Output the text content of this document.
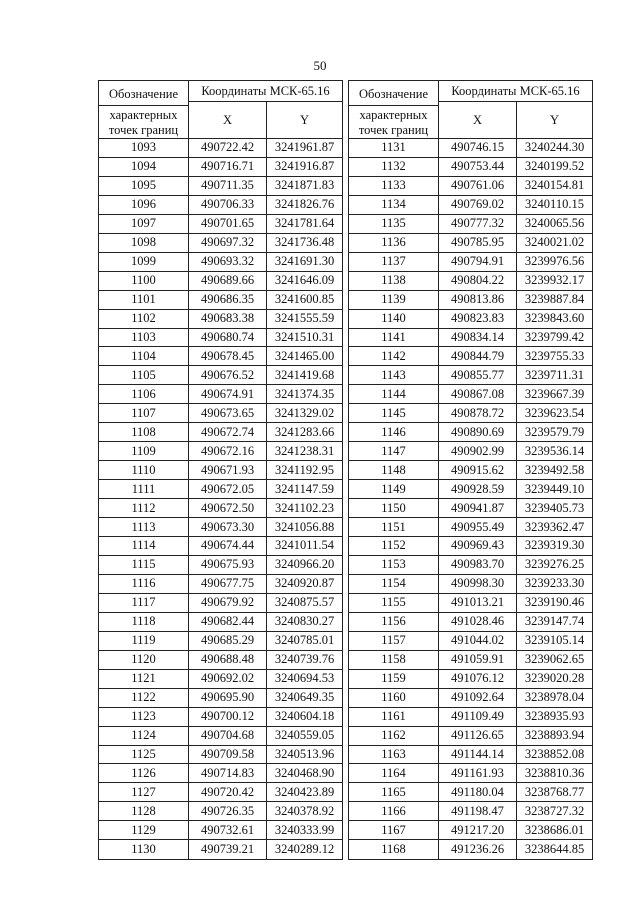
50
Обозначение
характерных
точек границ	Координаты МСК-65.16	
	X	Y
1093	490722.42	3241961.87
1094	490716.71	3241916.87
1095	490711.35	3241871.83
1096	490706.33	3241826.76
1097	490701.65	3241781.64
1098	490697.32	3241736.48
1099	490693.32	3241691.30
1100	490689.66	3241646.09
1101	490686.35	3241600.85
1102	490683.38	3241555.59
1103	490680.74	3241510.31
1104	490678.45	3241465.00
1105	490676.52	3241419.68
1106	490674.91	3241374.35
1107	490673.65	3241329.02
1108	490672.74	3241283.66
1109	490672.16	3241238.31
1110	490671.93	3241192.95
1111	490672.05	3241147.59
1112	490672.50	3241102.23
1113	490673.30	3241056.88
1114	490674.44	3241011.54
1115	490675.93	3240966.20
1116	490677.75	3240920.87
1117	490679.92	3240875.57
1118	490682.44	3240830.27
1119	490685.29	3240785.01
1120	490688.48	3240739.76
1121	490692.02	3240694.53
1122	490695.90	3240649.35
1123	490700.12	3240604.18
1124	490704.68	3240559.05
1125	490709.58	3240513.96
1126	490714.83	3240468.90
1127	490720.42	3240423.89
1128	490726.35	3240378.92
1129	490732.61	3240333.99
1130	490739.21	3240289.12
Обозначение
характерных
точек границ	Координаты МСК-65.16	
	X	Y
1131	490746.15	3240244.30
1132	490753.44	3240199.52
1133	490761.06	3240154.81
1134	490769.02	3240110.15
1135	490777.32	3240065.56
1136	490785.95	3240021.02
1137	490794.91	3239976.56
1138	490804.22	3239932.17
1139	490813.86	3239887.84
1140	490823.83	3239843.60
1141	490834.14	3239799.42
1142	490844.79	3239755.33
1143	490855.77	3239711.31
1144	490867.08	3239667.39
1145	490878.72	3239623.54
1146	490890.69	3239579.79
1147	490902.99	3239536.14
1148	490915.62	3239492.58
1149	490928.59	3239449.10
1150	490941.87	3239405.73
1151	490955.49	3239362.47
1152	490969.43	3239319.30
1153	490983.70	3239276.25
1154	490998.30	3239233.30
1155	491013.21	3239190.46
1156	491028.46	3239147.74
1157	491044.02	3239105.14
1158	491059.91	3239062.65
1159	491076.12	3239020.28
1160	491092.64	3238978.04
1161	491109.49	3238935.93
1162	491126.65	3238893.94
1163	491144.14	3238852.08
1164	491161.93	3238810.36
1165	491180.04	3238768.77
1166	491198.47	3238727.32
1167	491217.20	3238686.01
1168	491236.26	3238644.85
